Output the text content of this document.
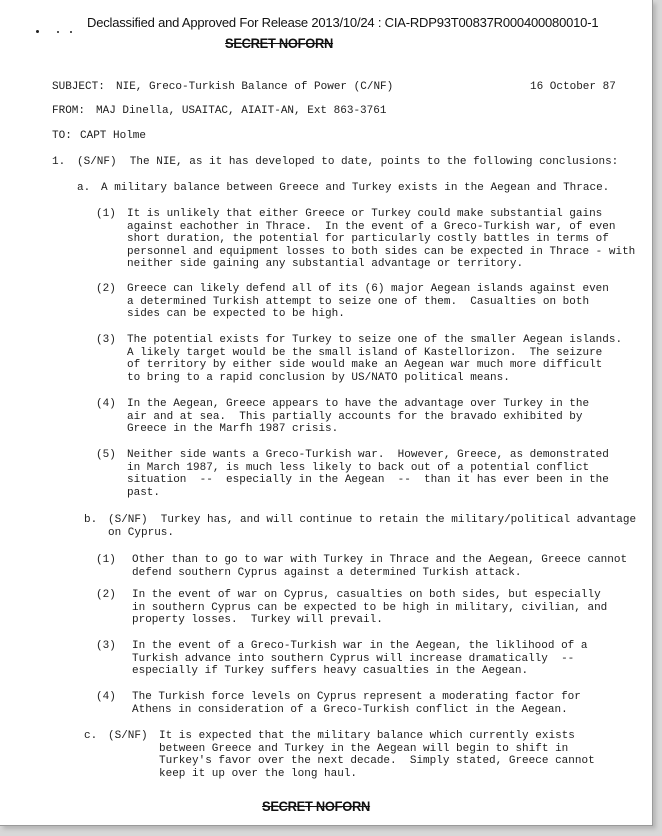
Declassified and Approved For Release 2013/10/24 : CIA-RDP93T00837R000400080010-1
SECRET NOFORN
SUBJECT: NIE, Greco-Turkish Balance of Power (C/NF)	16 October 87
FROM: MAJ Dinella, USAITAC, AIAIT-AN, Ext 863-3761
TO: CAPT Holme
1. (S/NF)  The NIE, as it has developed to date, points to the following conclusions:
a. A military balance between Greece and Turkey exists in the Aegean and Thrace.
(1) It is unlikely that either Greece or Turkey could make substantial gains
against eachother in Thrace.  In the event of a Greco-Turkish war, of even
short duration, the potential for particularly costly battles in terms of
personnel and equipment losses to both sides can be expected in Thrace - with
neither side gaining any substantial advantage or territory.
(2) Greece can likely defend all of its (6) major Aegean islands against even
a determined Turkish attempt to seize one of them.  Casualties on both
sides can be expected to be high.
(3) The potential exists for Turkey to seize one of the smaller Aegean islands.
A likely target would be the small island of Kastellorizon.  The seizure
of territory by either side would make an Aegean war much more difficult
to bring to a rapid conclusion by US/NATO political means.
(4) In the Aegean, Greece appears to have the advantage over Turkey in the
air and at sea.  This partially accounts for the bravado exhibited by
Greece in the Marfh 1987 crisis.
(5) Neither side wants a Greco-Turkish war.  However, Greece, as demonstrated
in March 1987, is much less likely to back out of a potential conflict
situation  --  especially in the Aegean  --  than it has ever been in the
past.
b. (S/NF)  Turkey has, and will continue to retain the military/political advantage
on Cyprus.
(1) Other than to go to war with Turkey in Thrace and the Aegean, Greece cannot
defend southern Cyprus against a determined Turkish attack.
(2) In the event of war on Cyprus, casualties on both sides, but especially
in southern Cyprus can be expected to be high in military, civilian, and
property losses.  Turkey will prevail.
(3) In the event of a Greco-Turkish war in the Aegean, the liklihood of a
Turkish advance into southern Cyprus will increase dramatically  --
especially if Turkey suffers heavy casualties in the Aegean.
(4) The Turkish force levels on Cyprus represent a moderating factor for
Athens in consideration of a Greco-Turkish conflict in the Aegean.
c. (S/NF) It is expected that the military balance which currently exists
between Greece and Turkey in the Aegean will begin to shift in
Turkey's favor over the next decade.  Simply stated, Greece cannot
keep it up over the long haul.
SECRET NOFORN
